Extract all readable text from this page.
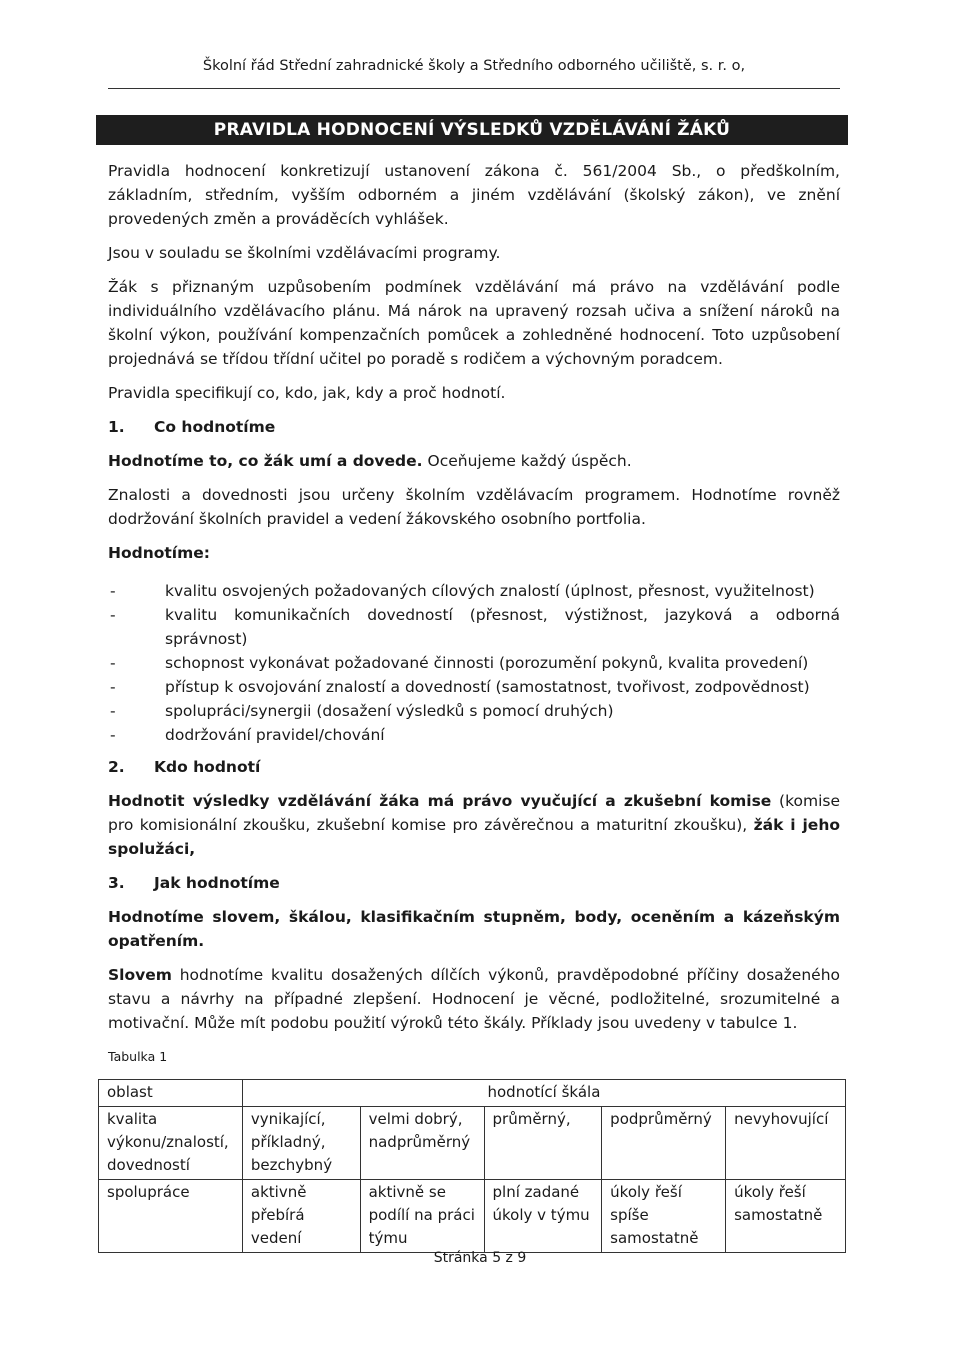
Školní řád Střední zahradnické školy a Středního odborného učiliště, s. r. o,
PRAVIDLA HODNOCENÍ VÝSLEDKŮ VZDĚLÁVÁNÍ ŽÁKŮ

Pravidla hodnocení konkretizují ustanovení zákona č. 561/2004 Sb., o předškolním, základním, středním, vyšším odborném a jiném vzdělávání (školský zákon), ve znění provedených změn a prováděcích vyhlášek.

Jsou v souladu se školními vzdělávacími programy.

Žák s přiznaným uzpůsobením podmínek vzdělávání má právo na vzdělávání podle individuálního vzdělávacího plánu. Má nárok na upravený rozsah učiva a snížení nároků na školní výkon, používání kompenzačních pomůcek a zohledněné hodnocení. Toto uzpůsobení projednává se třídou třídní učitel po poradě s rodičem a výchovným poradcem.

Pravidla specifikují co, kdo, jak, kdy a proč hodnotí.

1.	Co hodnotíme

Hodnotíme to, co žák umí a dovede. Oceňujeme každý úspěch.

Znalosti a dovednosti jsou určeny školním vzdělávacím programem. Hodnotíme rovněž dodržování školních pravidel a vedení žákovského osobního portfolia.

Hodnotíme:

-	kvalitu osvojených požadovaných cílových znalostí (úplnost, přesnost, využitelnost)
-	kvalitu komunikačních dovedností (přesnost, výstižnost, jazyková a odborná správnost)
-	schopnost vykonávat požadované činnosti (porozumění pokynů, kvalita provedení)
-	přístup k osvojování znalostí a dovedností (samostatnost, tvořivost, zodpovědnost)
-	spolupráci/synergii (dosažení výsledků s pomocí druhých)
-	dodržování pravidel/chování
2.	Kdo hodnotí

Hodnotit výsledky vzdělávání žáka má právo vyučující a zkušební komise (komise pro komisionální zkoušku, zkušební komise pro závěrečnou a maturitní zkoušku), žák i jeho spolužáci,

3.	Jak hodnotíme

Hodnotíme slovem, škálou, klasifikačním stupněm, body, oceněním a kázeňským opatřením.

Slovem hodnotíme kvalitu dosažených dílčích výkonů, pravděpodobné příčiny dosaženého stavu a návrhy na případné zlepšení. Hodnocení je věcné, podložitelné, srozumitelné a motivační. Může mít podobu použití výroků této škály. Příklady jsou uvedeny v tabulce 1.

Tabulka 1

oblast	hodnotící škála				
kvalita výkonu/znalostí, dovedností	vynikající, příkladný, bezchybný	velmi dobrý, nadprůměrný	průměrný,	podprůměrný	nevyhovující
spolupráce	aktivně přebírá vedení	aktivně se podílí na práci týmu	plní zadané úkoly v týmu	úkoly řeší spíše samostatně	úkoly řeší samostatně
Stránka 5 z 9
